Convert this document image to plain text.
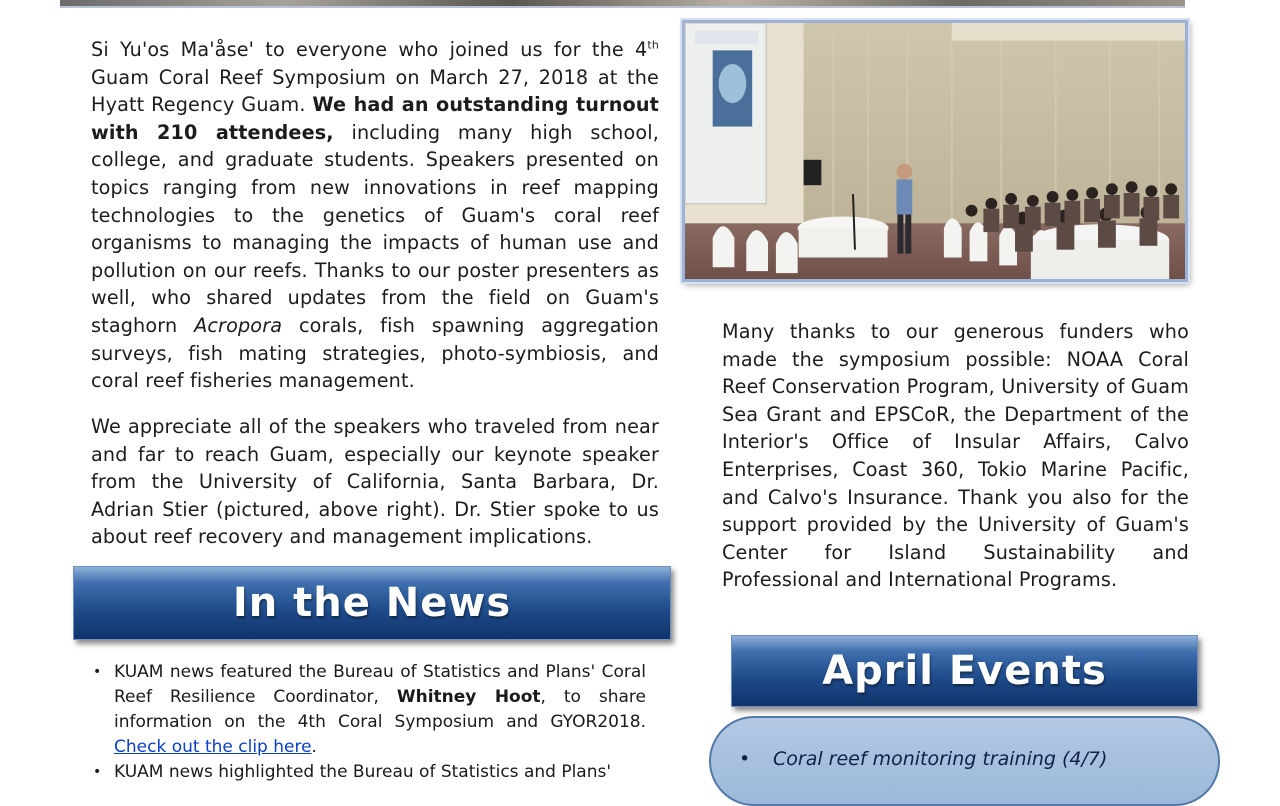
Si Yu'os Ma'åse' to everyone who joined us for the 4th Guam Coral Reef Symposium on March 27, 2018 at the Hyatt Regency Guam. We had an outstanding turnout with 210 attendees, including many high school, college, and graduate students. Speakers presented on topics ranging from new innovations in reef mapping technologies to the genetics of Guam's coral reef organisms to managing the impacts of human use and pollution on our reefs. Thanks to our poster presenters as well, who shared updates from the field on Guam's staghorn Acropora corals, fish spawning aggregation surveys, fish mating strategies, photo-symbiosis, and coral reef fisheries management.
We appreciate all of the speakers who traveled from near and far to reach Guam, especially our keynote speaker from the University of California, Santa Barbara, Dr. Adrian Stier (pictured, above right). Dr. Stier spoke to us about reef recovery and management implications.
Many thanks to our generous funders who made the symposium possible: NOAA Coral Reef Conservation Program, University of Guam Sea Grant and EPSCoR, the Department of the Interior's Office of Insular Affairs, Calvo Enterprises, Coast 360, Tokio Marine Pacific, and Calvo's Insurance. Thank you also for the support provided by the University of Guam's Center for Island Sustainability and Professional and International Programs.
In the News
• KUAM news featured the Bureau of Statistics and Plans' Coral Reef Resilience Coordinator, Whitney Hoot, to share information on the 4th Coral Symposium and GYOR2018. Check out the clip here.
• KUAM news highlighted the Bureau of Statistics and Plans'
April Events
• Coral reef monitoring training (4/7)
